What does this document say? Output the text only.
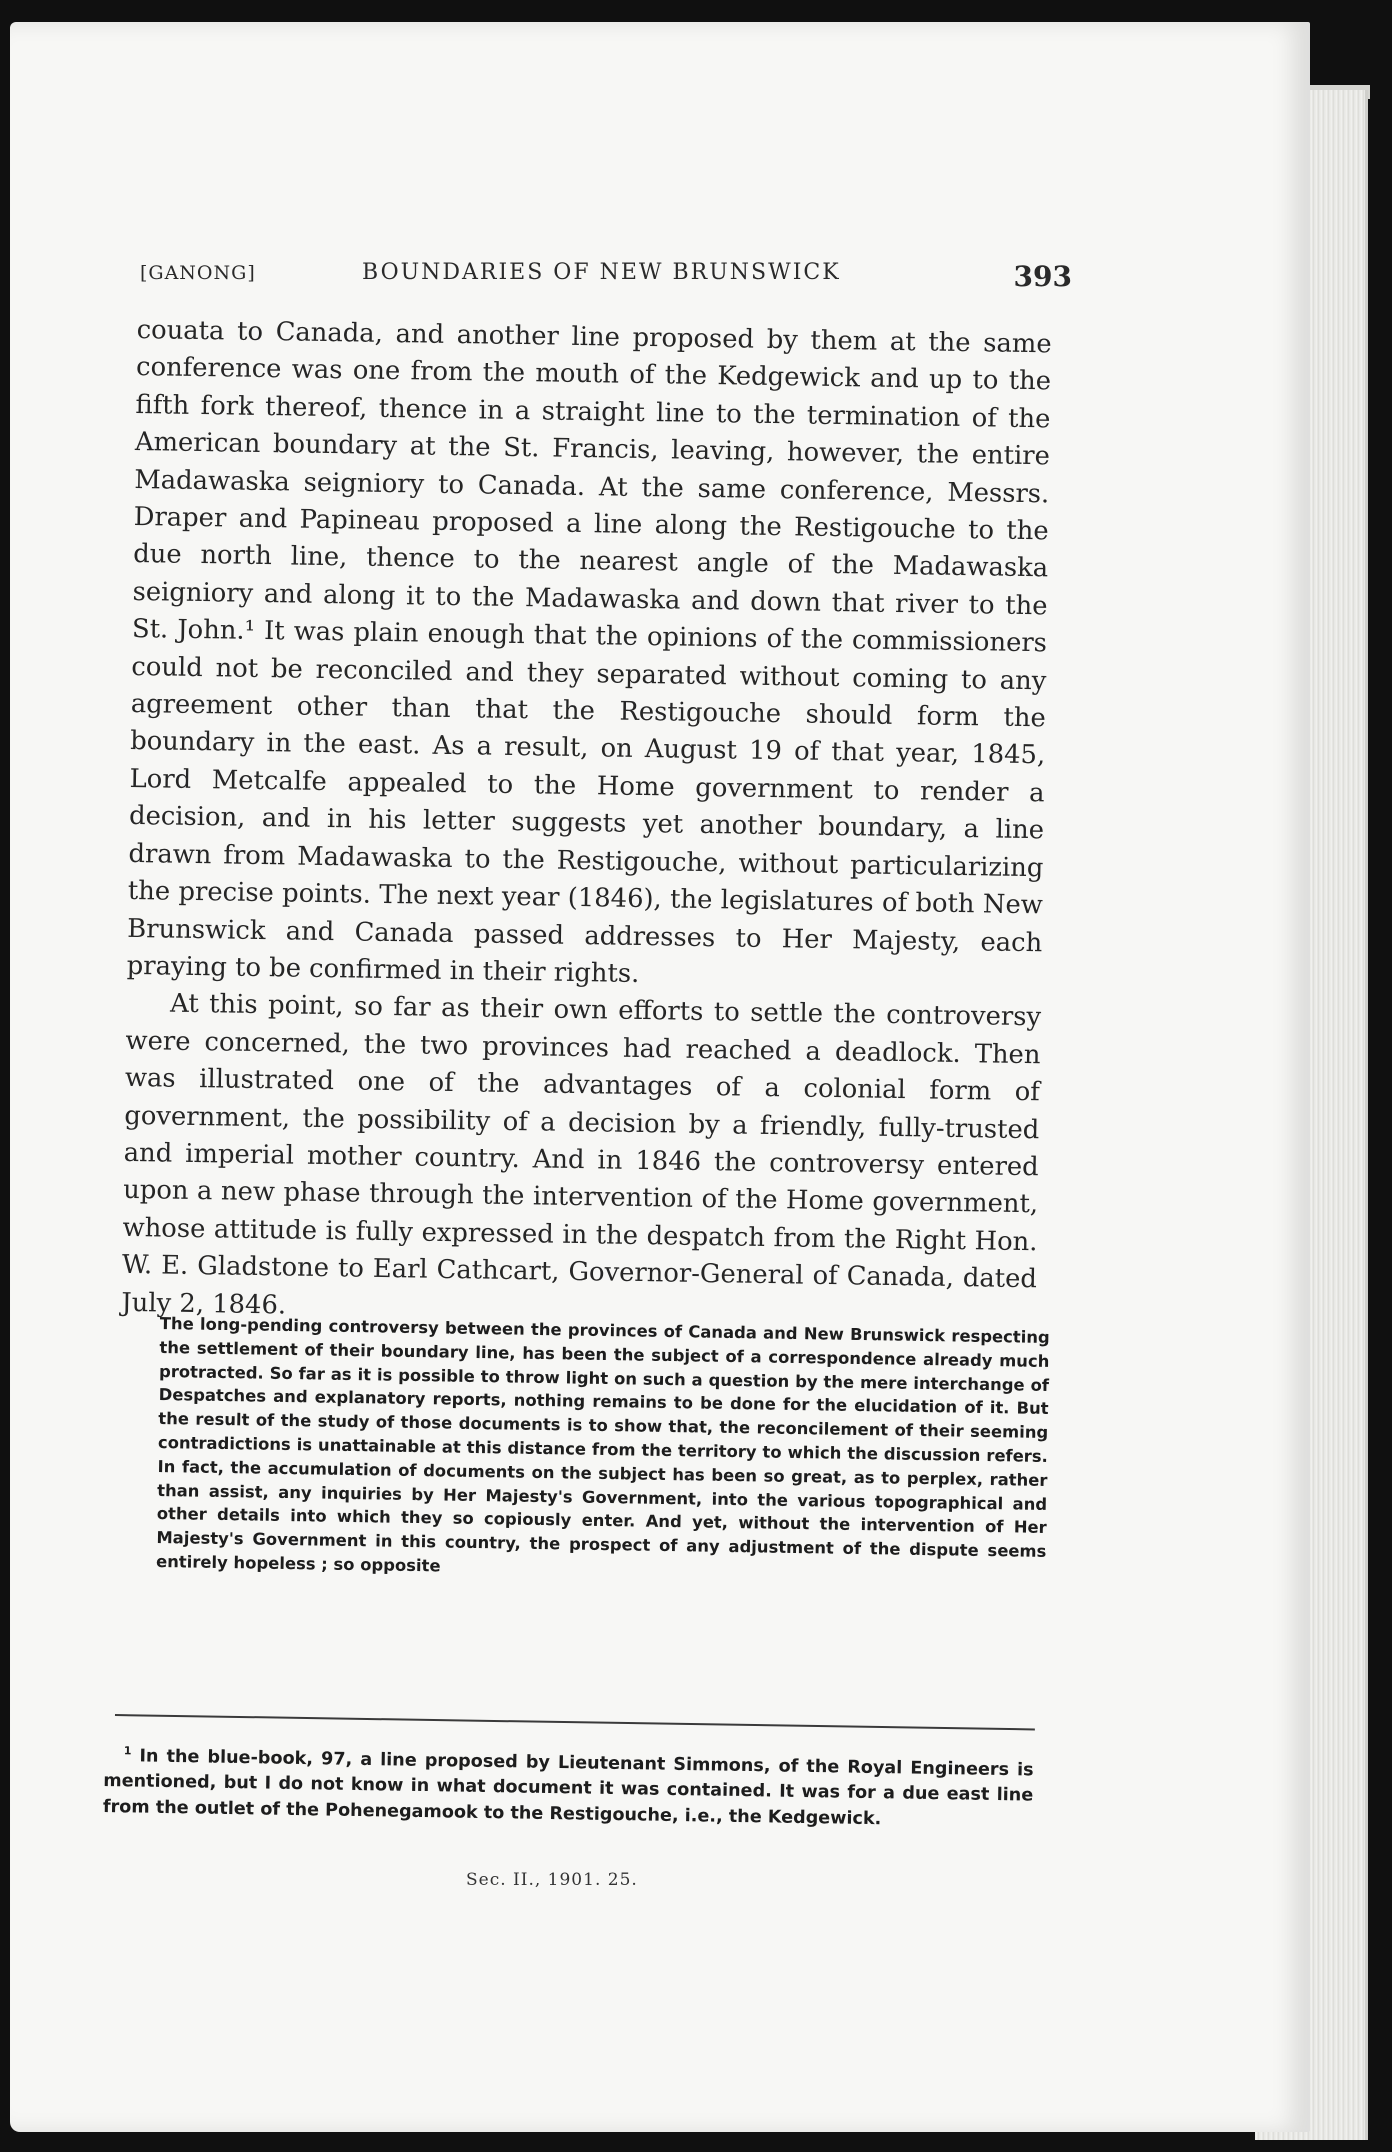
[GANONG]	BOUNDARIES OF NEW BRUNSWICK	393

couata to Canada, and another line proposed by them at the same conference was one from the mouth of the Kedgewick and up to the fifth fork thereof, thence in a straight line to the termination of the American boundary at the St. Francis, leaving, however, the entire Madawaska seigniory to Canada. At the same conference, Messrs. Draper and Papineau proposed a line along the Restigouche to the due north line, thence to the nearest angle of the Madawaska seigniory and along it to the Madawaska and down that river to the St. John.¹ It was plain enough that the opinions of the commissioners could not be reconciled and they separated without coming to any agreement other than that the Restigouche should form the boundary in the east. As a result, on August 19 of that year, 1845, Lord Metcalfe appealed to the Home government to render a decision, and in his letter suggests yet another boundary, a line drawn from Madawaska to the Restigouche, without particularizing the precise points. The next year (1846), the legislatures of both New Brunswick and Canada passed addresses to Her Majesty, each praying to be confirmed in their rights.

At this point, so far as their own efforts to settle the controversy were concerned, the two provinces had reached a deadlock. Then was illustrated one of the advantages of a colonial form of government, the possibility of a decision by a friendly, fully-trusted and imperial mother country. And in 1846 the controversy entered upon a new phase through the intervention of the Home government, whose attitude is fully expressed in the despatch from the Right Hon. W. E. Gladstone to Earl Cathcart, Governor-General of Canada, dated July 2, 1846.

The long-pending controversy between the provinces of Canada and New Brunswick respecting the settlement of their boundary line, has been the subject of a correspondence already much protracted. So far as it is possible to throw light on such a question by the mere interchange of Despatches and explanatory reports, nothing remains to be done for the elucidation of it. But the result of the study of those documents is to show that, the reconcilement of their seeming contradictions is unattainable at this distance from the territory to which the discussion refers. In fact, the accumulation of documents on the subject has been so great, as to perplex, rather than assist, any inquiries by Her Majesty's Government, into the various topographical and other details into which they so copiously enter. And yet, without the intervention of Her Majesty's Government in this country, the prospect of any adjustment of the dispute seems entirely hopeless ; so opposite
$^1$ In the blue-book, 97, a line proposed by Lieutenant Simmons, of the Royal Engineers is mentioned, but I do not know in what document it was contained. It was for a due east line from the outlet of the Pohenegamook to the Restigouche, i.e., the Kedgewick.
Sec. II., 1901. 25.
